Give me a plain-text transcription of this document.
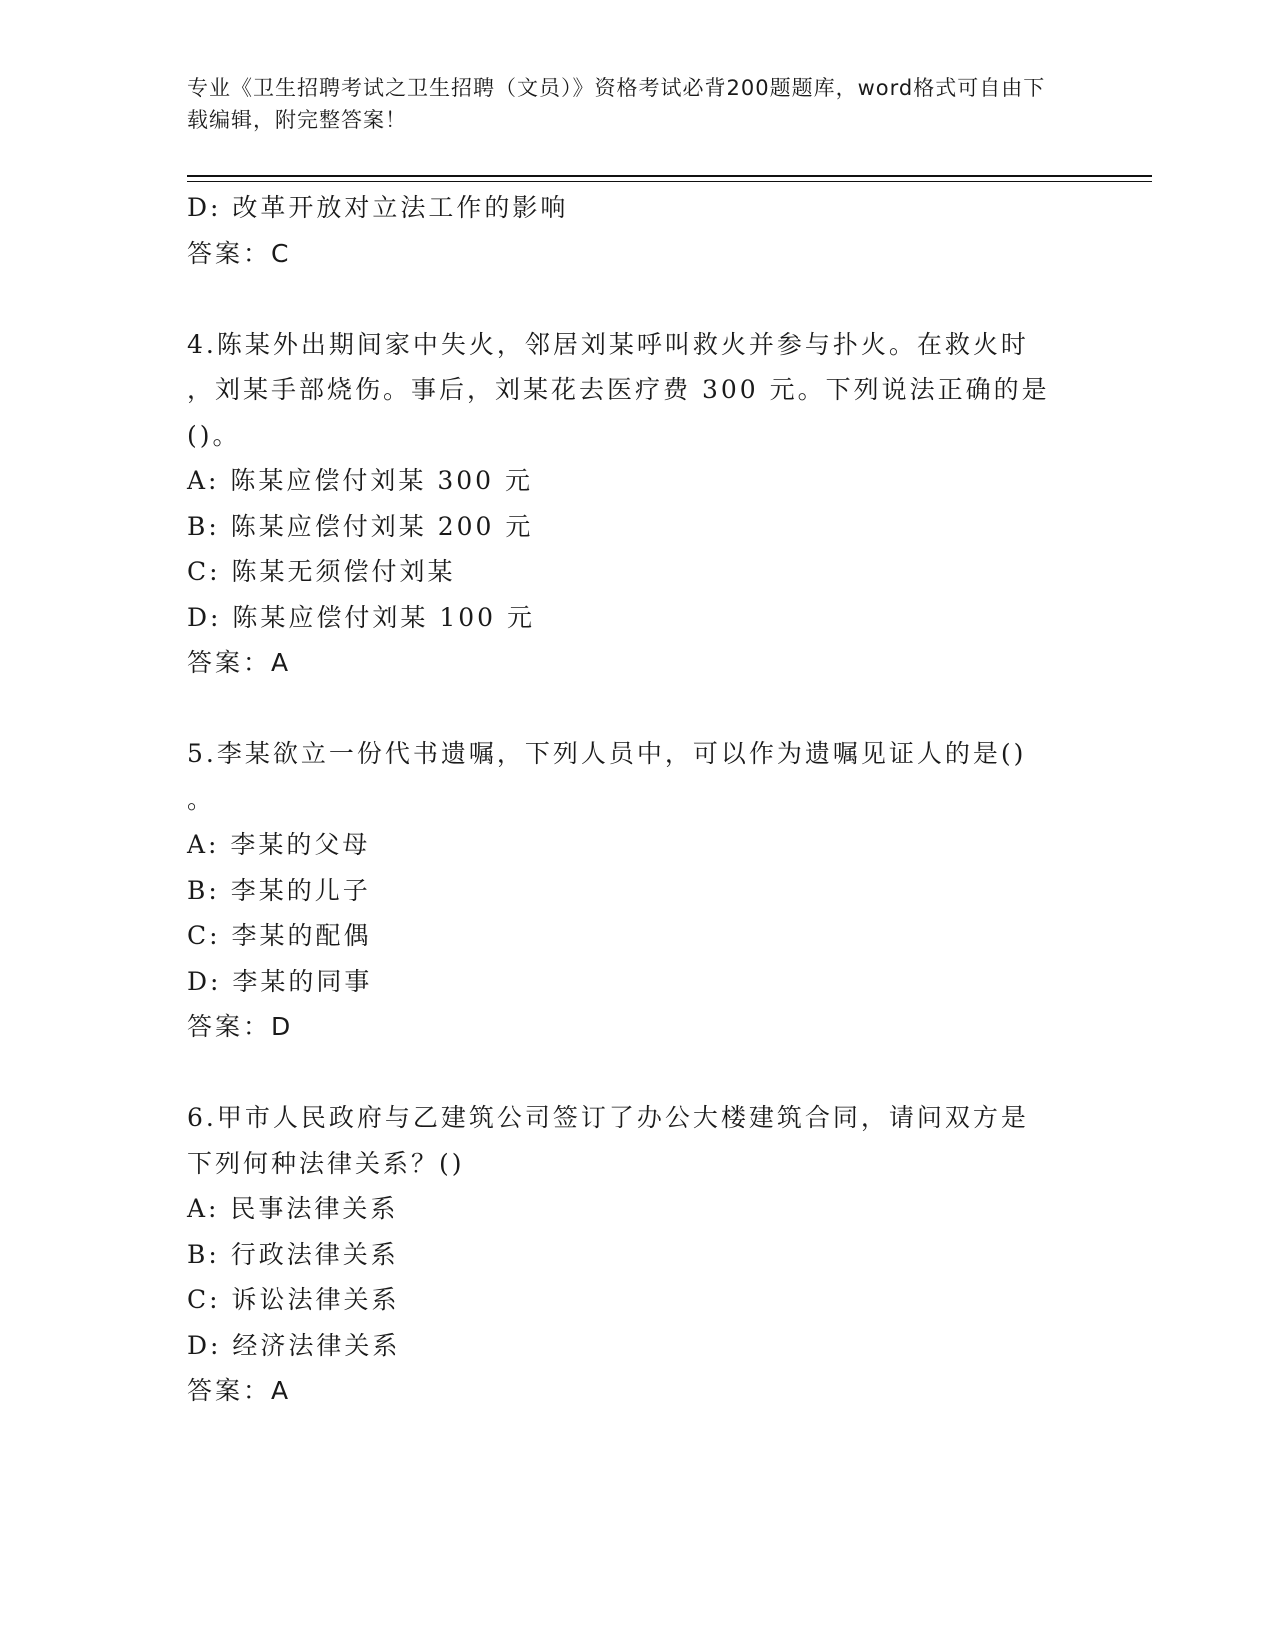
专业《卫生招聘考试之卫生招聘（文员）》资格考试必背200题题库，word格式可自由下载编辑，附完整答案！

D: 改革开放对立法工作的影响

答案：C

4.陈某外出期间家中失火，邻居刘某呼叫救火并参与扑火。在救火时

，刘某手部烧伤。事后，刘某花去医疗费 300 元。下列说法正确的是

()。

A: 陈某应偿付刘某 300 元

B: 陈某应偿付刘某 200 元

C: 陈某无须偿付刘某

D: 陈某应偿付刘某 100 元

答案：A

5.李某欲立一份代书遗嘱，下列人员中，可以作为遗嘱见证人的是()

。

A: 李某的父母

B: 李某的儿子

C: 李某的配偶

D: 李某的同事

答案：D

6.甲市人民政府与乙建筑公司签订了办公大楼建筑合同，请问双方是

下列何种法律关系？()

A: 民事法律关系

B: 行政法律关系

C: 诉讼法律关系

D: 经济法律关系

答案：A
